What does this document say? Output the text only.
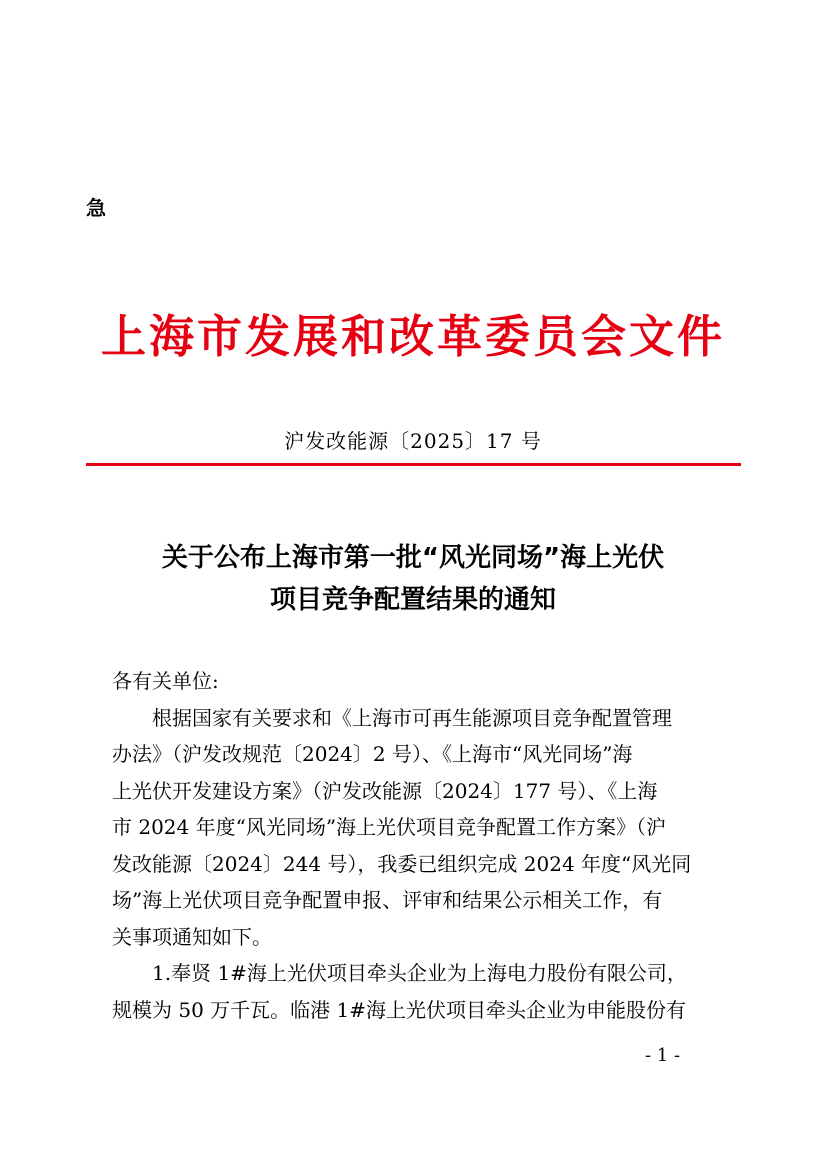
急
上海市发展和改革委员会文件
沪发改能源〔2025〕17 号
关于公布上海市第一批“风光同场”海上光伏
项目竞争配置结果的通知
各有关单位:
　　根据国家有关要求和《上海市可再生能源项目竞争配置管理
办法》（沪发改规范〔2024〕2 号）、《上海市“风光同场”海
上光伏开发建设方案》（沪发改能源〔2024〕177 号）、《上海
市 2024 年度“风光同场”海上光伏项目竞争配置工作方案》（沪
发改能源〔2024〕244 号），我委已组织完成 2024 年度“风光同
场”海上光伏项目竞争配置申报、评审和结果公示相关工作，有
关事项通知如下。
　　1.奉贤 1#海上光伏项目牵头企业为上海电力股份有限公司，
规模为 50 万千瓦。临港 1#海上光伏项目牵头企业为申能股份有
- 1 -
